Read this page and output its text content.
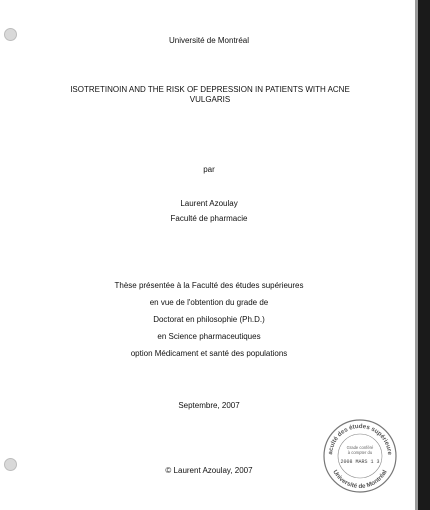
Université de Montréal
ISOTRETINOIN AND THE RISK OF DEPRESSION IN PATIENTS WITH ACNE VULGARIS
par
Laurent Azoulay
Faculté de pharmacie
Thèse présentée à la Faculté des études supérieures
en vue de l'obtention du grade de
Doctorat en philosophie (Ph.D.)
en Science pharmaceutiques
option Médicament et santé des populations
Septembre, 2007
© Laurent Azoulay, 2007
aculté des études supérieure
Université de Montréal
Grade conféré
à compter du
2008 MARS 1 3
